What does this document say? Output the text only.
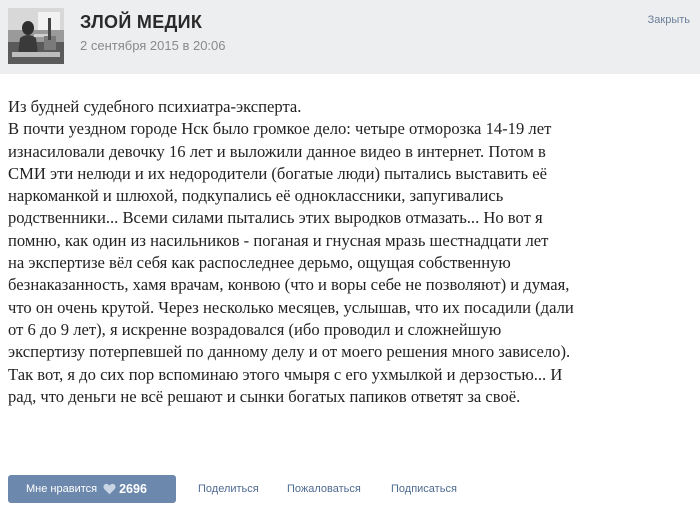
ЗЛОЙ МЕДИК
2 сентября 2015 в 20:06
Закрыть

Из будней судебного психиатра-эксперта.

В почти уездном городе Нск было громкое дело: четыре отморозка 14-19 лет

изнасиловали девочку 16 лет и выложили данное видео в интернет. Потом в

СМИ эти нелюди и их недородители (богатые люди) пытались выставить её

наркоманкой и шлюхой, подкупались её одноклассники, запугивались

родственники... Всеми силами пытались этих выродков отмазать... Но вот я

помню, как один из насильников - поганая и гнусная мразь шестнадцати лет

на экспертизе вёл себя как распоследнее дерьмо, ощущая собственную

безнаказанность, хамя врачам, конвою (что и воры себе не позволяют) и думая,

что он очень крутой. Через несколько месяцев, услышав, что их посадили (дали

от 6 до 9 лет), я искренне возрадовался (ибо проводил и сложнейшую

экспертизу потерпевшей по данному делу и от моего решения много зависело).

Так вот, я до сих пор вспоминаю этого чмыря с его ухмылкой и дерзостью... И

рад, что деньги не всё решают и сынки богатых папиков ответят за своё.

Мне нравится 2696	Поделиться	Пожаловаться	Подписаться
